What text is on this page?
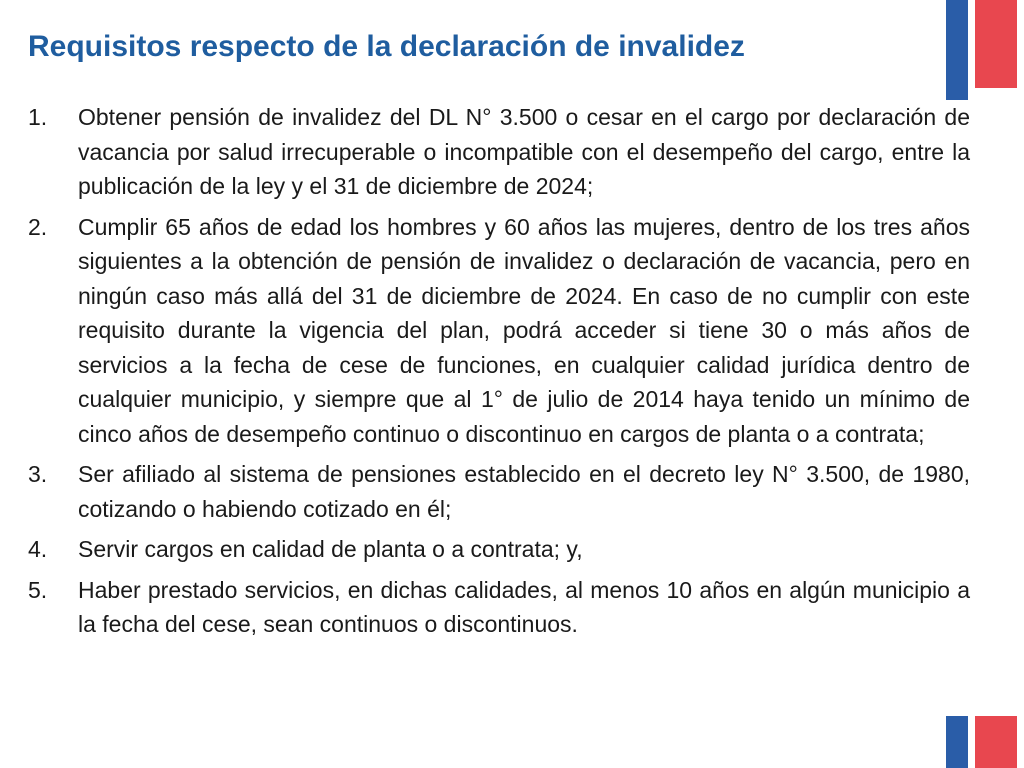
Requisitos respecto de la declaración de invalidez
1.	Obtener pensión de invalidez del DL N° 3.500 o cesar en el cargo por declaración de vacancia por salud irrecuperable o incompatible con el desempeño del cargo, entre la publicación de la ley y el 31 de diciembre de 2024;
2.	Cumplir 65 años de edad los hombres y 60 años las mujeres, dentro de los tres años siguientes a la obtención de pensión de invalidez o declaración de vacancia, pero en ningún caso más allá del 31 de diciembre de 2024. En caso de no cumplir con este requisito durante la vigencia del plan, podrá acceder si tiene 30 o más años de servicios a la fecha de cese de funciones, en cualquier calidad jurídica dentro de cualquier municipio, y siempre que al 1° de julio de 2014 haya tenido un mínimo de cinco años de desempeño continuo o discontinuo en cargos de planta o a contrata;
3.	Ser afiliado al sistema de pensiones establecido en el decreto ley N° 3.500, de 1980, cotizando o habiendo cotizado en él;
4.	Servir cargos en calidad de planta o a contrata; y,
5.	Haber prestado servicios, en dichas calidades, al menos 10 años en algún municipio a la fecha del cese, sean continuos o discontinuos.
